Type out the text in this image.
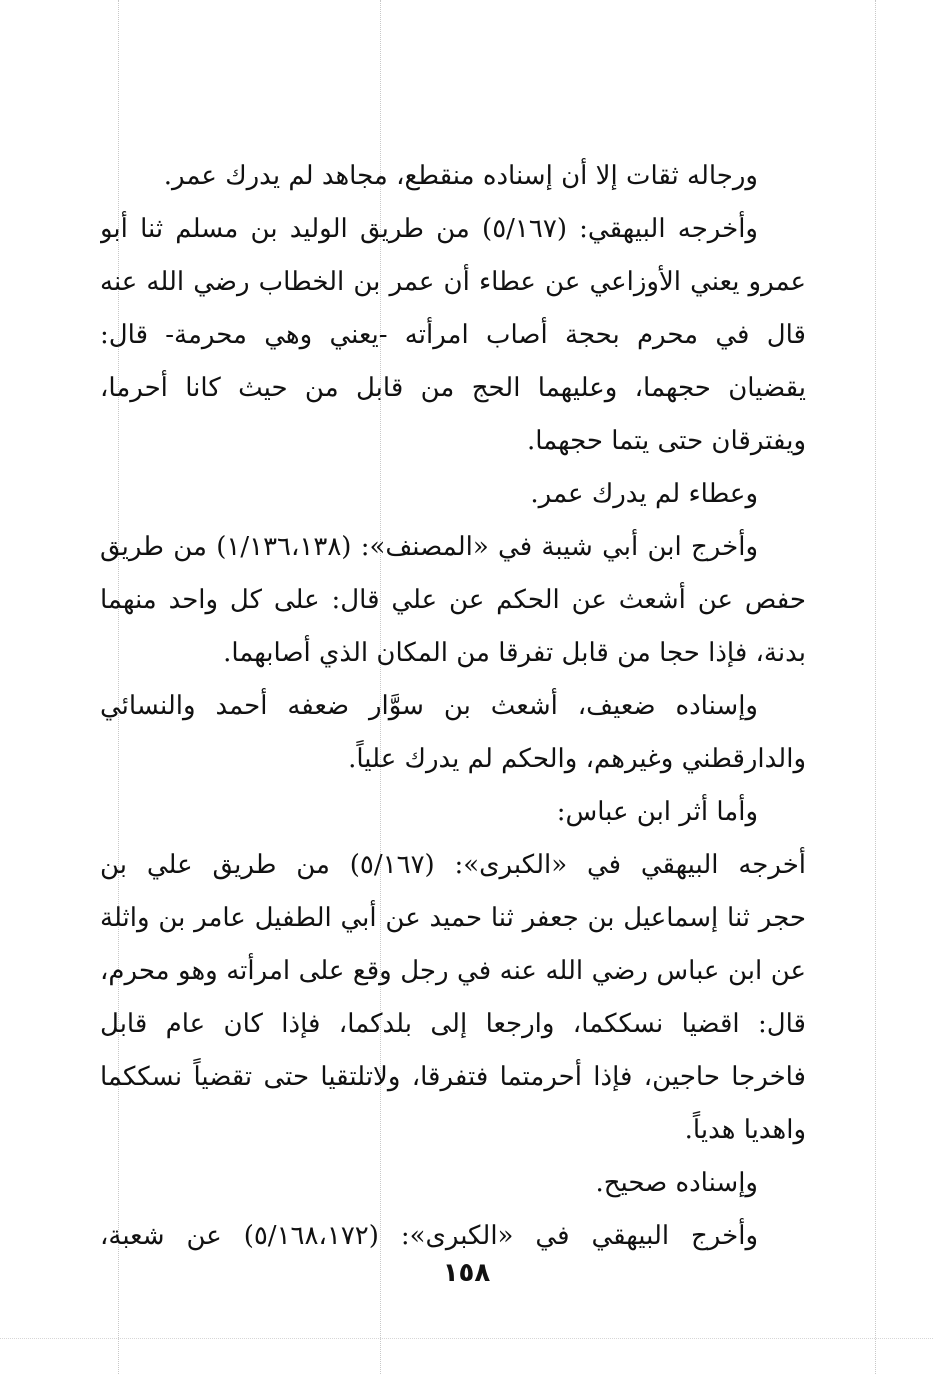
ورجاله ثقات إلا أن إسناده منقطع، مجاهد لم يدرك عمر.
وأخرجه البيهقي: (٥/١٦٧) من طريق الوليد بن مسلم ثنا أبو
عمرو يعني الأوزاعي عن عطاء أن عمر بن الخطاب رضي الله عنه
قال في محرم بحجة أصاب امرأته -يعني وهي محرمة- قال:
يقضيان حجهما، وعليهما الحج من قابل من حيث كانا أحرما،
ويفترقان حتى يتما حجهما.
وعطاء لم يدرك عمر.
وأخرج ابن أبي شيبة في «المصنف»: (١/١٣٦،١٣٨) من طريق
حفص عن أشعث عن الحكم عن علي قال: على كل واحد منهما
بدنة، فإذا حجا من قابل تفرقا من المكان الذي أصابهما.
وإسناده ضعيف، أشعث بن سوَّار ضعفه أحمد والنسائي
والدارقطني وغيرهم، والحكم لم يدرك علياً.
وأما أثر ابن عباس:
أخرجه البيهقي في «الكبرى»: (٥/١٦٧) من طريق علي بن
حجر ثنا إسماعيل بن جعفر ثنا حميد عن أبي الطفيل عامر بن واثلة
عن ابن عباس رضي الله عنه في رجل وقع على امرأته وهو محرم،
قال: اقضيا نسككما، وارجعا إلى بلدكما، فإذا كان عام قابل
فاخرجا حاجين، فإذا أحرمتما فتفرقا، ولاتلتقيا حتى تقضياً نسككما
واهديا هدياً.
وإسناده صحيح.
وأخرج البيهقي في «الكبرى»: (٥/١٦٨،١٧٢) عن شعبة،
١٥٨
